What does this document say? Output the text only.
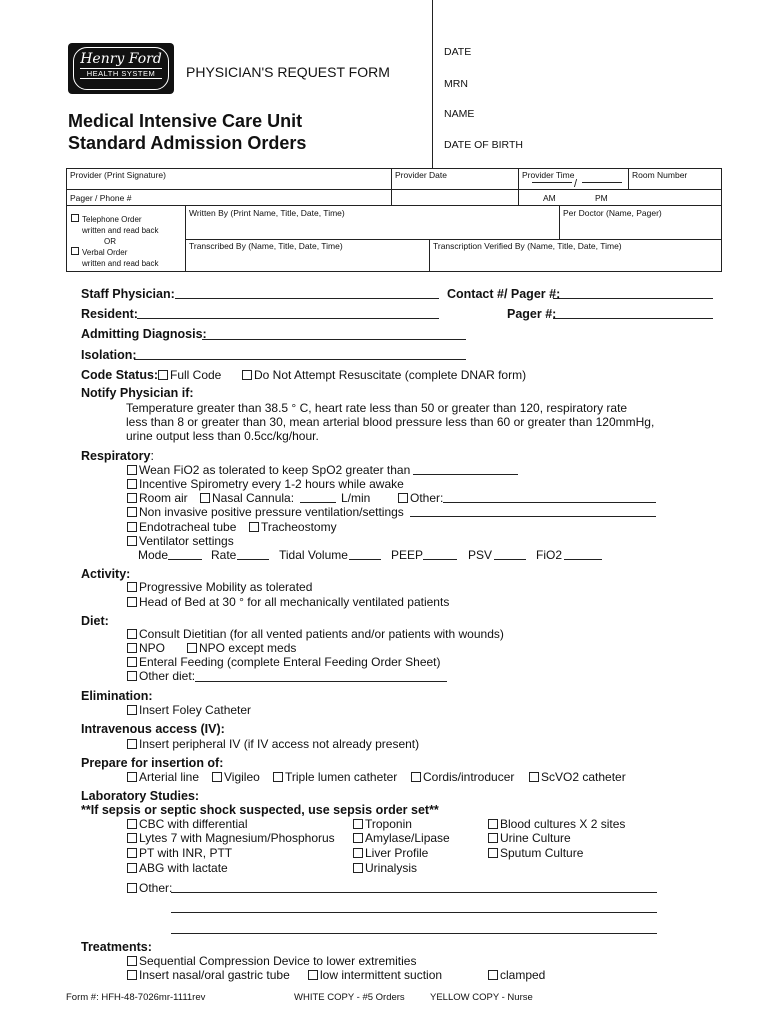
Henry Ford
HEALTH SYSTEM	PHYSICIAN'S REQUEST FORM
Medical Intensive Care Unit
Standard Admission Orders
DATE
MRN
NAME
DATE OF BIRTH
Provider (Print Signature)	Provider Date	Provider Time	Room Number
/
AM	PM
Pager / Phone #
Written By (Print Name, Title, Date, Time)	Per Doctor (Name, Pager)
Transcribed By (Name, Title, Date, Time)	Transcription Verified By (Name, Title, Date, Time)
Telephone Order
written and read back
OR
Verbal Order
written and read back
Staff Physician:	Contact #/ Pager #:
Resident:	Pager #:
Admitting Diagnosis:
Isolation:
Code Status: Full Code	Do Not Attempt Resuscitate (complete DNAR form)
Notify Physician if:
Temperature greater than 38.5 ° C, heart rate less than 50 or greater than 120, respiratory rate
less than 8 or greater than 30, mean arterial blood pressure less than 60 or greater than 120mmHg,
urine output less than 0.5cc/kg/hour.
Respiratory:
Wean FiO2 as tolerated to keep SpO2 greater than
Incentive Spirometry every 1-2 hours while awake
Room air	Nasal Cannula:	L/min	Other:
Non invasive positive pressure ventilation/settings
Endotracheal tube	Tracheostomy
Ventilator settings
Mode	Rate	Tidal Volume	PEEP	PSV	FiO2
Activity:
Progressive Mobility as tolerated
Head of Bed at 30 ° for all mechanically ventilated patients
Diet:
Consult Dietitian (for all vented patients and/or patients with wounds)
NPO	NPO except meds
Enteral Feeding (complete Enteral Feeding Order Sheet)
Other diet:
Elimination:
Insert Foley Catheter
Intravenous access (IV):
Insert peripheral IV (if IV access not already present)
Prepare for insertion of:
Arterial line	Vigileo	Triple lumen catheter	Cordis/introducer	ScVO2 catheter
Laboratory Studies:
**If sepsis or septic shock suspected, use sepsis order set**
CBC with differential	Troponin	Blood cultures X 2 sites
Lytes 7 with Magnesium/Phosphorus	Amylase/Lipase	Urine Culture
PT with INR, PTT	Liver Profile	Sputum Culture
ABG with lactate	Urinalysis
Other:
Treatments:
Sequential Compression Device to lower extremities
Insert nasal/oral gastric tube	low intermittent suction	clamped
Form #: HFH-48-7026mr-1111rev	WHITE COPY - #5 Orders	YELLOW COPY - Nurse
